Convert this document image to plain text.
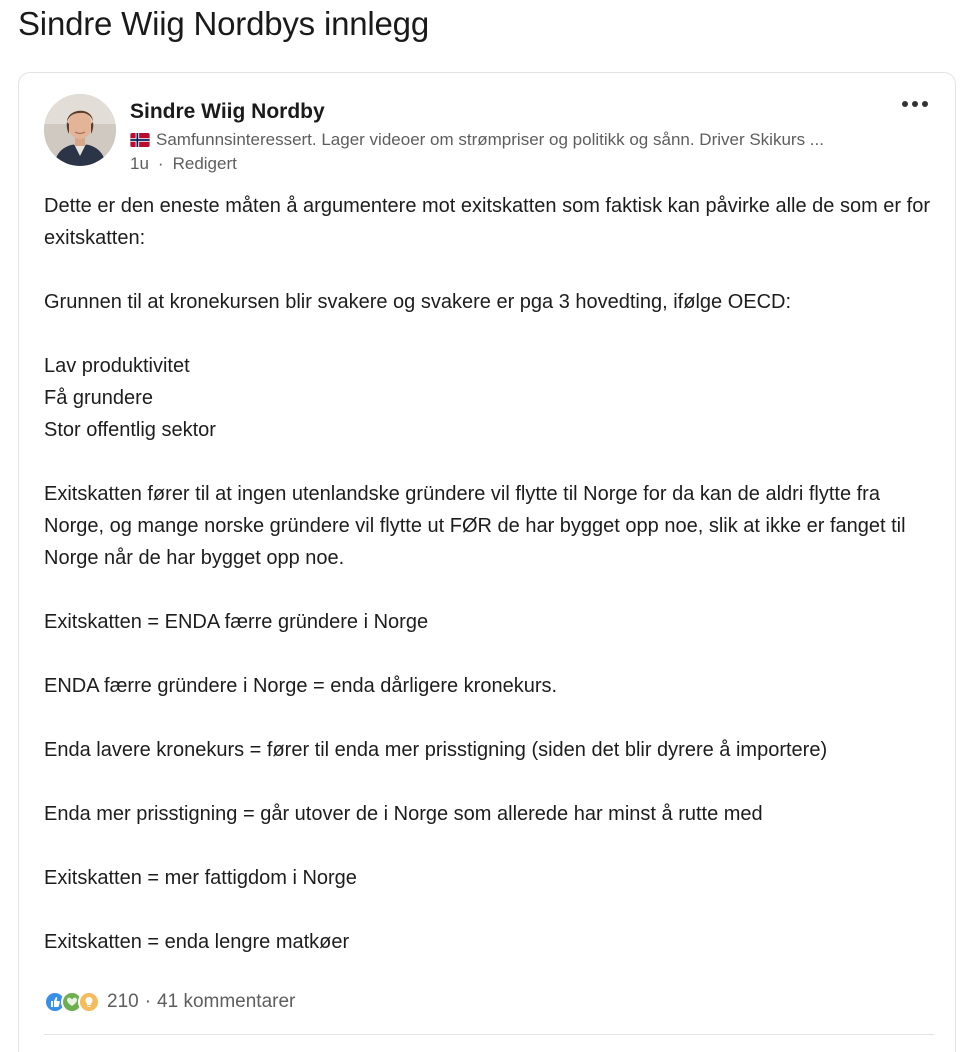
Sindre Wiig Nordbys innlegg
Sindre Wiig Nordby
Samfunnsinteressert. Lager videoer om strømpriser og politikk og sånn. Driver Skikurs ...
1u · Redigert

Dette er den eneste måten å argumentere mot exitskatten som faktisk kan påvirke alle de som er for exitskatten:

Grunnen til at kronekursen blir svakere og svakere er pga 3 hovedting, ifølge OECD:

Lav produktivitet

Få grundere

Stor offentlig sektor

Exitskatten fører til at ingen utenlandske gründere vil flytte til Norge for da kan de aldri flytte fra Norge, og mange norske gründere vil flytte ut FØR de har bygget opp noe, slik at ikke er fanget til Norge når de har bygget opp noe.

Exitskatten = ENDA færre gründere i Norge

ENDA færre gründere i Norge = enda dårligere kronekurs.

Enda lavere kronekurs = fører til enda mer prisstigning (siden det blir dyrere å importere)

Enda mer prisstigning = går utover de i Norge som allerede har minst å rutte med

Exitskatten = mer fattigdom i Norge

Exitskatten = enda lengre matkøer

210 · 41 kommentarer
